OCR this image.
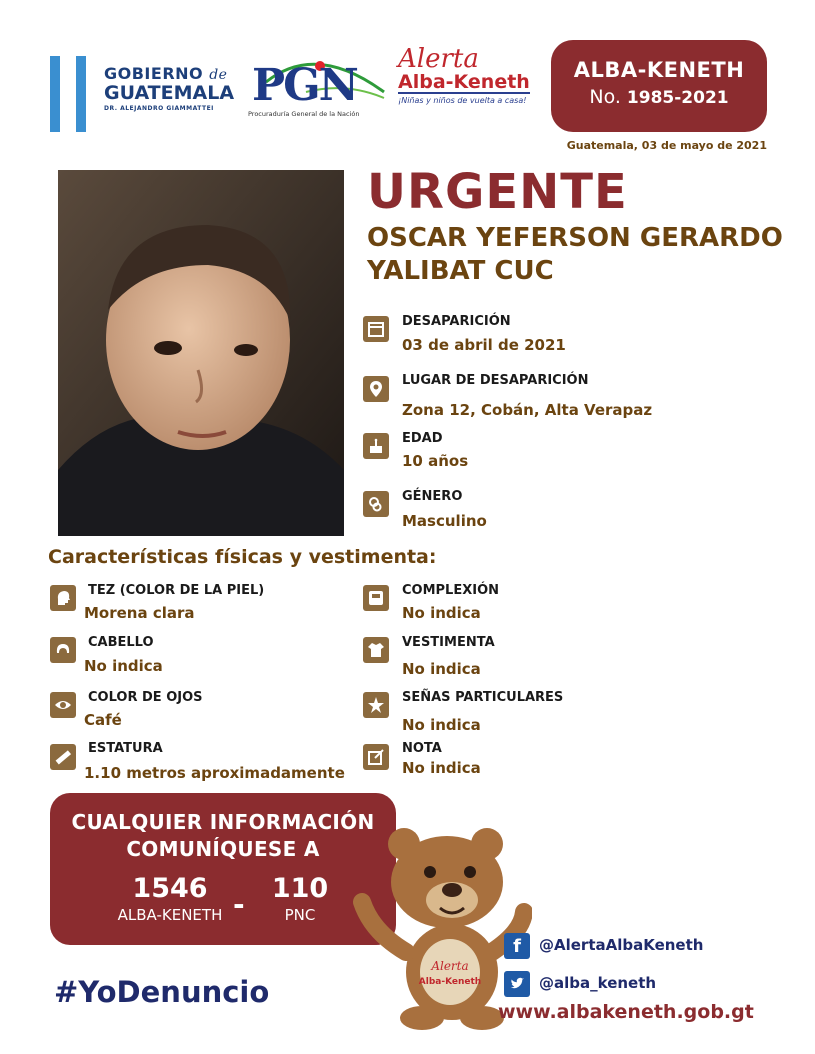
GOBIERNO de
GUATEMALA
DR. ALEJANDRO GIAMMATTEI PGN
Procuraduría General de la Nación
Alerta
Alba-Keneth
¡Niñas y niños de vuelta a casa!
ALBA-KENETH
No. 1985-2021
Guatemala, 03 de mayo de 2021
URGENTE
OSCAR YEFERSON GERARDO
YALIBAT CUC
DESAPARICIÓN
03 de abril de 2021
LUGAR DE DESAPARICIÓN
Zona 12, Cobán, Alta Verapaz
EDAD
10 años
GÉNERO
Masculino
Características físicas y vestimenta:
TEZ (COLOR DE LA PIEL)
Morena clara
CABELLO
No indica
COLOR DE OJOS
Café
ESTATURA
1.10 metros aproximadamente
COMPLEXIÓN
No indica
VESTIMENTA
No indica
SEÑAS PARTICULARES
No indica
NOTA
No indica
CUALQUIER INFORMACIÓN
COMUNÍQUESE A
1546
ALBA-KENETH -	110
PNC
Alerta
Alba-Keneth
#YoDenuncio
f	@AlertaAlbaKeneth
@alba_keneth
www.albakeneth.gob.gt
